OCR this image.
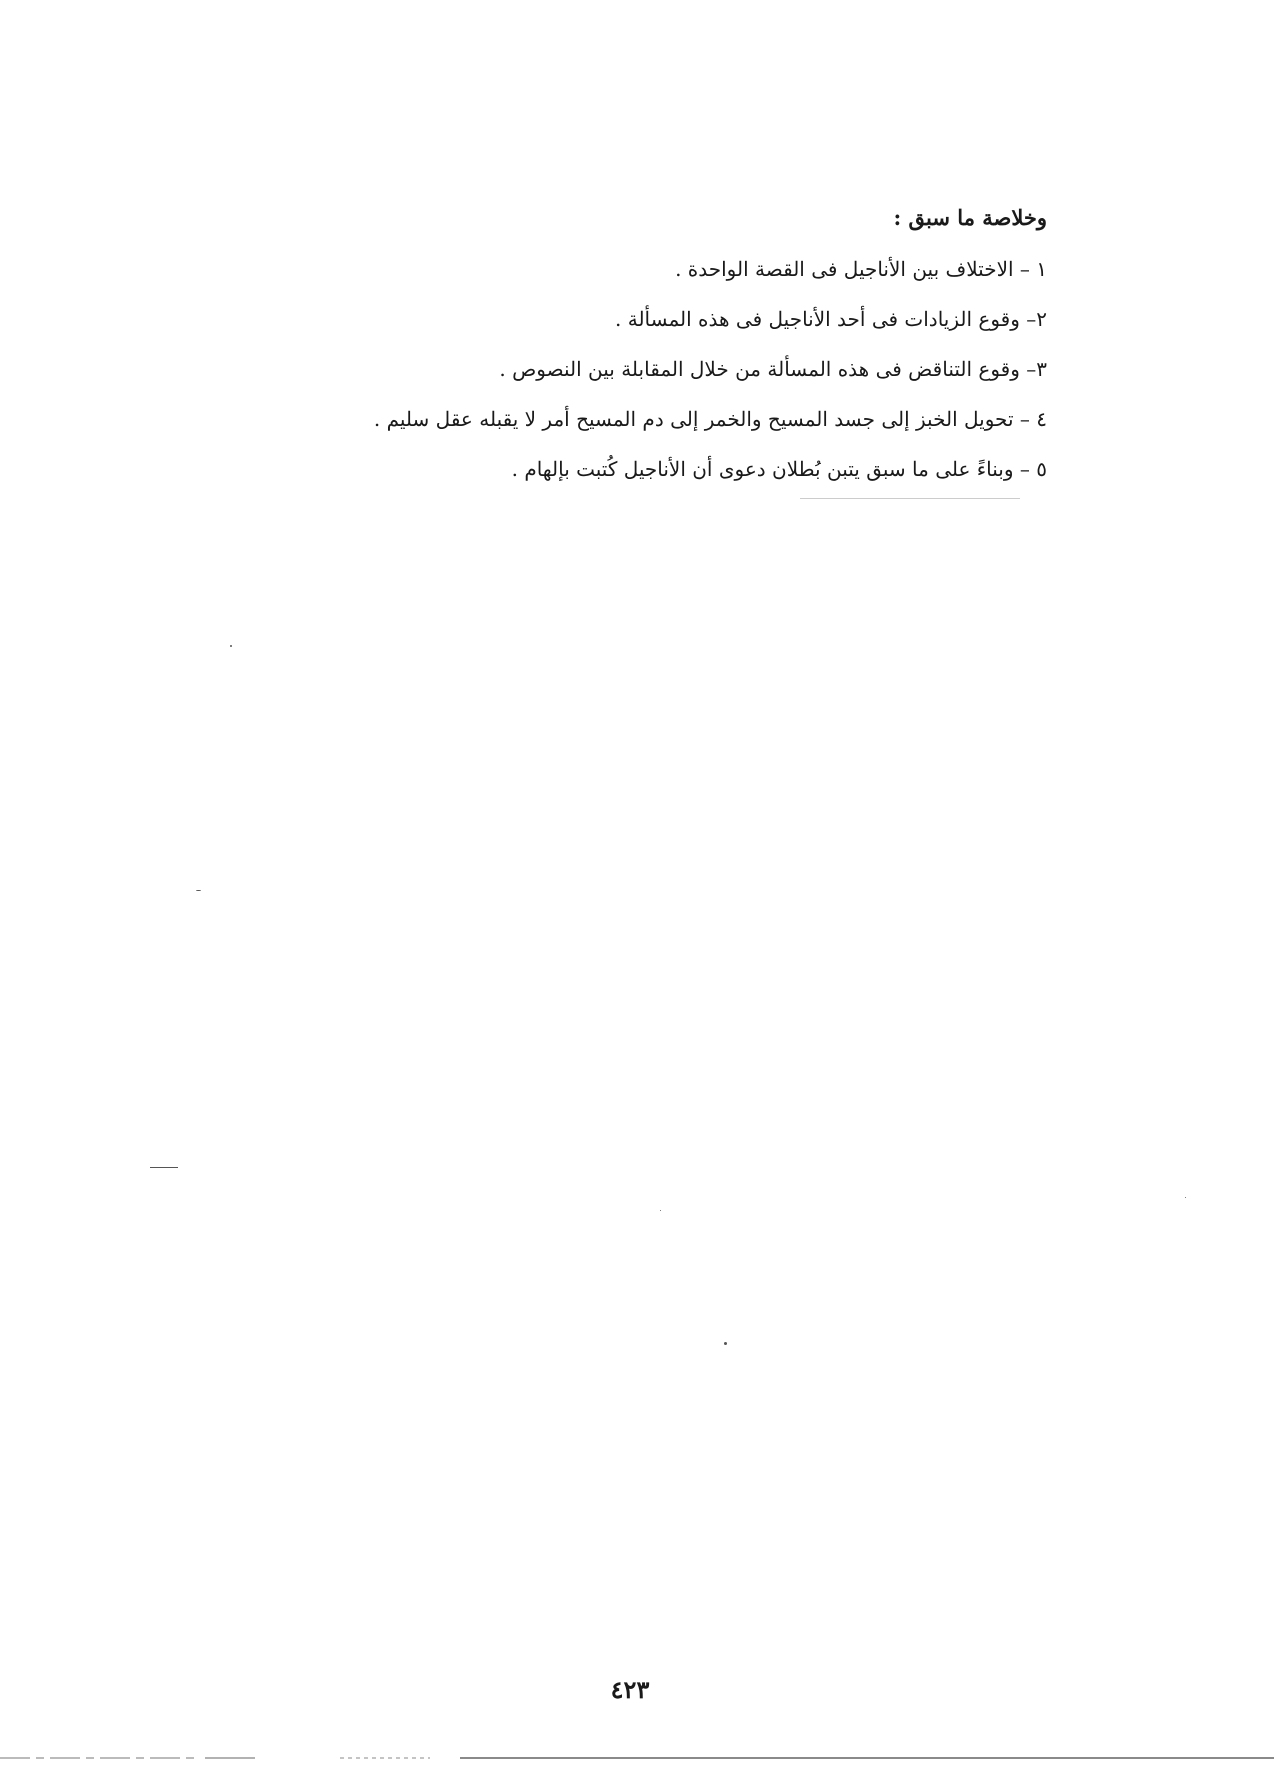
وخلاصة ما سبق :

١ – الاختلاف بين الأناجيل فى القصة الواحدة .

٢– وقوع الزيادات فى أحد الأناجيل فى هذه المسألة .

٣– وقوع التناقض فى هذه المسألة من خلال المقابلة بين النصوص .

٤ – تحويل الخبز إلى جسد المسيح والخمر إلى دم المسيح أمر لا يقبله عقل سليم .

٥ – وبناءً على ما سبق يتبن بُطلان دعوى أن الأناجيل كُتبت بإلهام .

٤٢٣
